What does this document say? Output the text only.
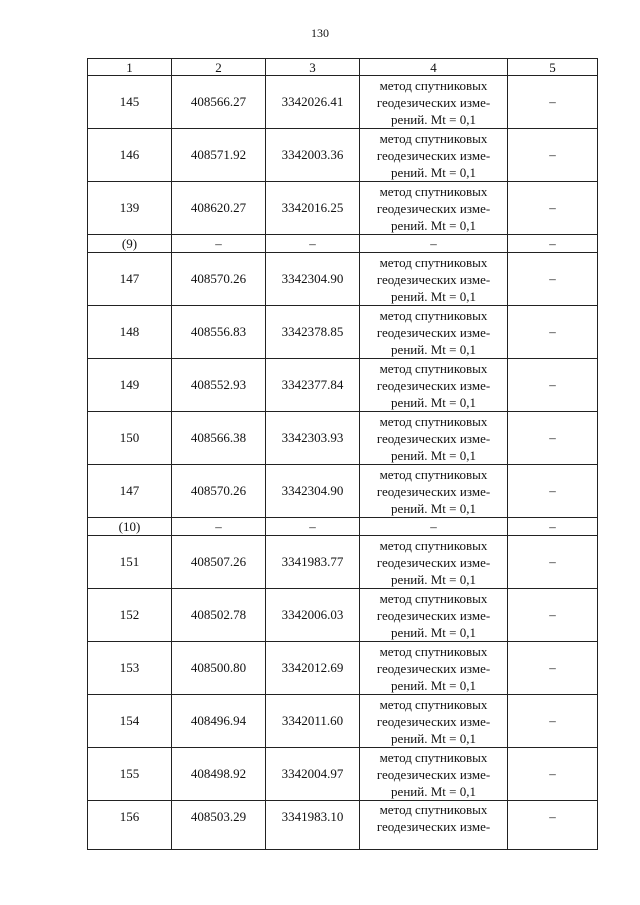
130
1	2	3	4	5
145	408566.27	3342026.41	метод спутниковых
геодезических изме-
рений. Mt = 0,1	–
146	408571.92	3342003.36	метод спутниковых
геодезических изме-
рений. Mt = 0,1	–
139	408620.27	3342016.25	метод спутниковых
геодезических изме-
рений. Mt = 0,1	–
(9)	–	–	–	–
147	408570.26	3342304.90	метод спутниковых
геодезических изме-
рений. Mt = 0,1	–
148	408556.83	3342378.85	метод спутниковых
геодезических изме-
рений. Mt = 0,1	–
149	408552.93	3342377.84	метод спутниковых
геодезических изме-
рений. Mt = 0,1	–
150	408566.38	3342303.93	метод спутниковых
геодезических изме-
рений. Mt = 0,1	–
147	408570.26	3342304.90	метод спутниковых
геодезических изме-
рений. Mt = 0,1	–
(10)	–	–	–	–
151	408507.26	3341983.77	метод спутниковых
геодезических изме-
рений. Mt = 0,1	–
152	408502.78	3342006.03	метод спутниковых
геодезических изме-
рений. Mt = 0,1	–
153	408500.80	3342012.69	метод спутниковых
геодезических изме-
рений. Mt = 0,1	–
154	408496.94	3342011.60	метод спутниковых
геодезических изме-
рений. Mt = 0,1	–
155	408498.92	3342004.97	метод спутниковых
геодезических изме-
рений. Mt = 0,1	–
156	408503.29	3341983.10	метод спутниковых
геодезических изме-	–
